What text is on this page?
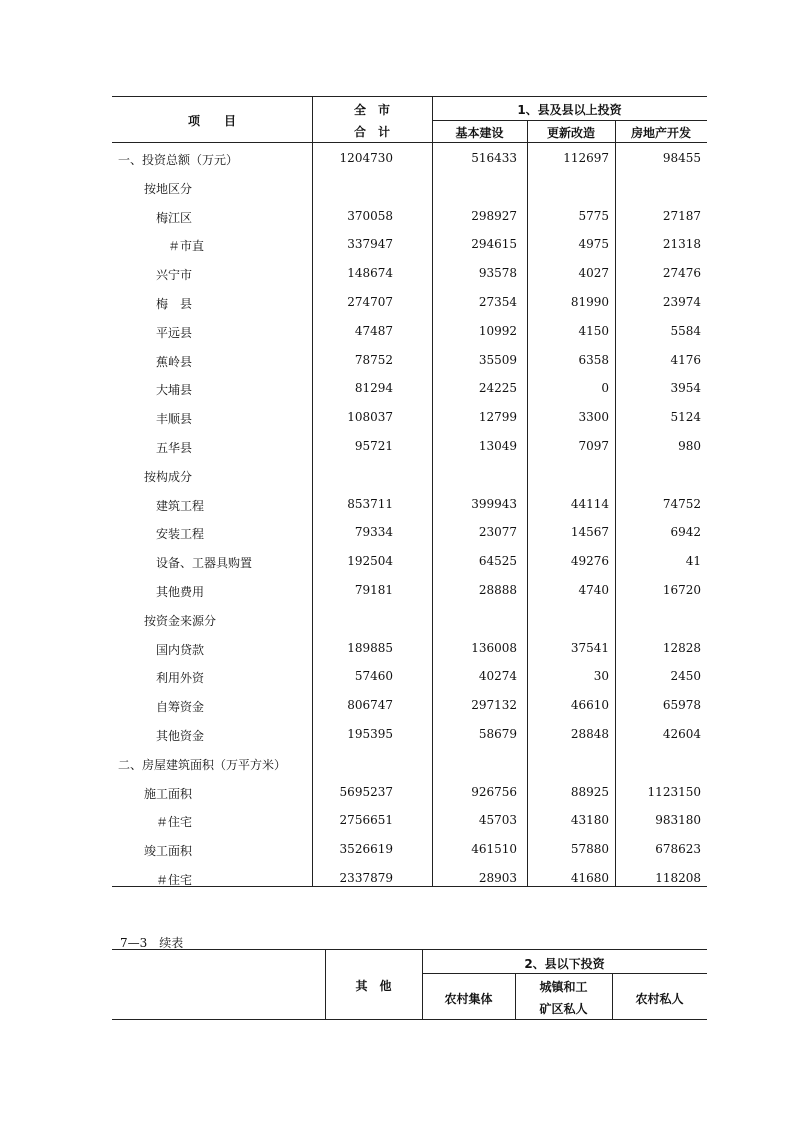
项　　目
全　市
合　计
1、县及县以上投资
基本建设	更新改造	房地产开发
一、投资总额（万元）	1204730	516433	112697	98455
按地区分
梅江区	370058	298927	5775	27187
＃市直	337947	294615	4975	21318
兴宁市	148674	93578	4027	27476
梅　县	274707	27354	81990	23974
平远县	47487	10992	4150	5584
蕉岭县	78752	35509	6358	4176
大埔县	81294	24225	0	3954
丰顺县	108037	12799	3300	5124
五华县	95721	13049	7097	980
按构成分
建筑工程	853711	399943	44114	74752
安装工程	79334	23077	14567	6942
设备、工器具购置	192504	64525	49276	41
其他费用	79181	28888	4740	16720
按资金来源分
国内贷款	189885	136008	37541	12828
利用外资	57460	40274	30	2450
自筹资金	806747	297132	46610	65978
其他资金	195395	58679	28848	42604
二、房屋建筑面积（万平方米）
施工面积	5695237	926756	88925	1123150
＃住宅	2756651	45703	43180	983180
竣工面积	3526619	461510	57880	678623
＃住宅	2337879	28903	41680	118208
7—3　续表
其　他
2、县以下投资
农村集体
城镇和工
矿区私人
农村私人
